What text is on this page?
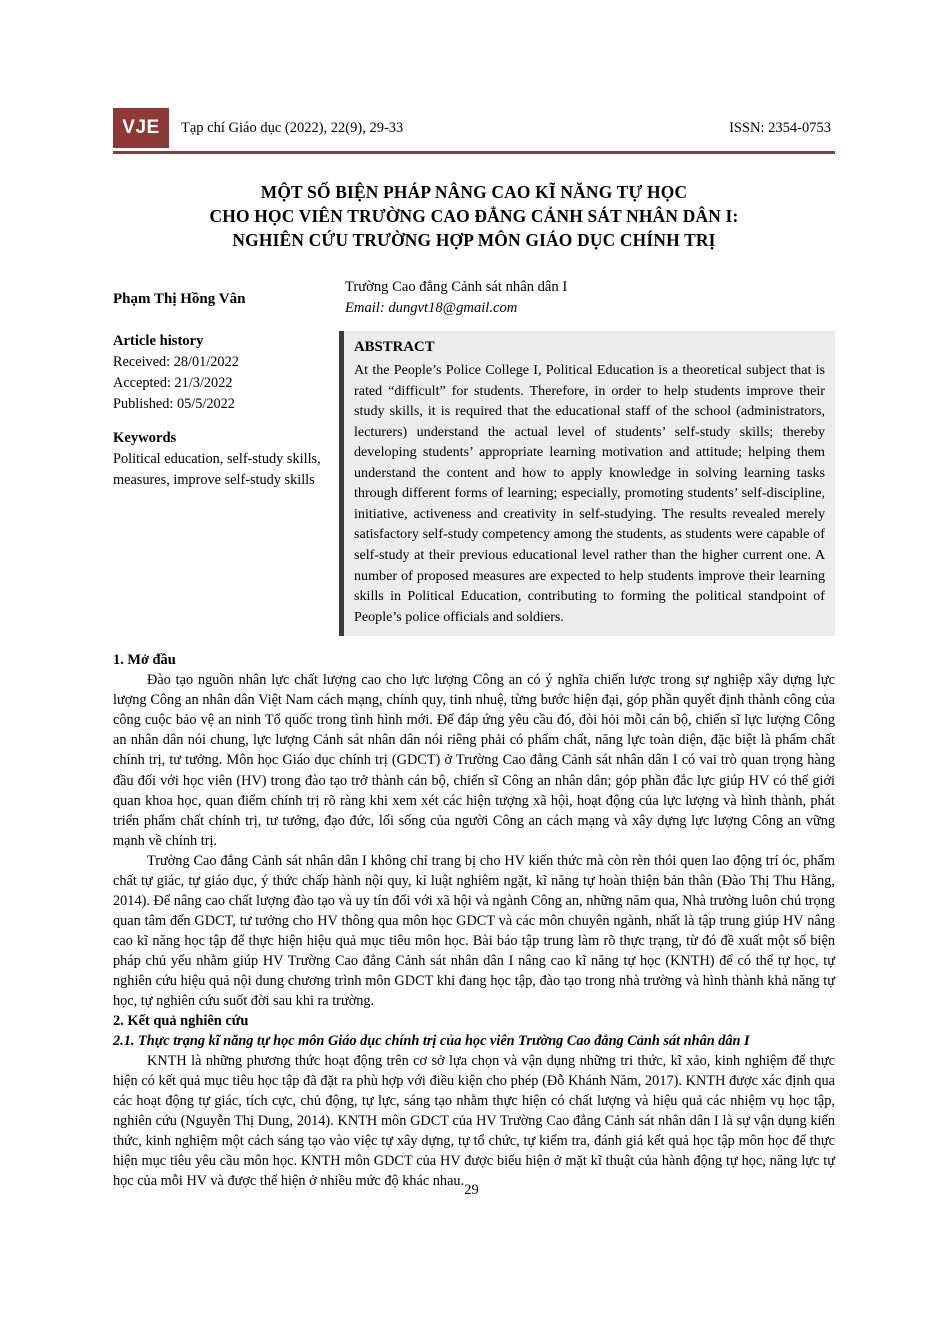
VJE	Tạp chí Giáo dục (2022), 22(9), 29-33	ISSN: 2354-0753
MỘT SỐ BIỆN PHÁP NÂNG CAO KĨ NĂNG TỰ HỌC
CHO HỌC VIÊN TRƯỜNG CAO ĐẲNG CẢNH SÁT NHÂN DÂN I:
NGHIÊN CỨU TRƯỜNG HỢP MÔN GIÁO DỤC CHÍNH TRỊ
Phạm Thị Hồng Vân
Trường Cao đẳng Cảnh sát nhân dân I
Email: dungvt18@gmail.com
Article history
Received: 28/01/2022
Accepted: 21/3/2022
Published: 05/5/2022
Keywords
Political education, self-study skills, measures, improve self-study skills
ABSTRACT
At the People’s Police College I, Political Education is a theoretical subject that is rated “difficult” for students. Therefore, in order to help students improve their study skills, it is required that the educational staff of the school (administrators, lecturers) understand the actual level of students’ self-study skills; thereby developing students’ appropriate learning motivation and attitude; helping them understand the content and how to apply knowledge in solving learning tasks through different forms of learning; especially, promoting students’ self-discipline, initiative, activeness and creativity in self-studying. The results revealed merely satisfactory self-study competency among the students, as students were capable of self-study at their previous educational level rather than the higher current one. A number of proposed measures are expected to help students improve their learning skills in Political Education, contributing to forming the political standpoint of People’s police officials and soldiers.

1. Mở đầu

Đào tạo nguồn nhân lực chất lượng cao cho lực lượng Công an có ý nghĩa chiến lược trong sự nghiệp xây dựng lực lượng Công an nhân dân Việt Nam cách mạng, chính quy, tinh nhuệ, từng bước hiện đại, góp phần quyết định thành công của công cuộc bảo vệ an ninh Tổ quốc trong tình hình mới. Để đáp ứng yêu cầu đó, đòi hỏi mỗi cán bộ, chiến sĩ lực lượng Công an nhân dân nói chung, lực lượng Cảnh sát nhân dân nói riêng phải có phẩm chất, năng lực toàn diện, đặc biệt là phẩm chất chính trị, tư tưởng. Môn học Giáo dục chính trị (GDCT) ở Trường Cao đẳng Cảnh sát nhân dân I có vai trò quan trọng hàng đầu đối với học viên (HV) trong đào tạo trở thành cán bộ, chiến sĩ Công an nhân dân; góp phần đắc lực giúp HV có thế giới quan khoa học, quan điểm chính trị rõ ràng khi xem xét các hiện tượng xã hội, hoạt động của lực lượng và hình thành, phát triển phẩm chất chính trị, tư tưởng, đạo đức, lối sống của người Công an cách mạng và xây dựng lực lượng Công an vững mạnh về chính trị.

Trường Cao đẳng Cảnh sát nhân dân I không chỉ trang bị cho HV kiến thức mà còn rèn thói quen lao động trí óc, phẩm chất tự giác, tự giáo dục, ý thức chấp hành nội quy, kỉ luật nghiêm ngặt, kĩ năng tự hoàn thiện bản thân (Đào Thị Thu Hằng, 2014). Để nâng cao chất lượng đào tạo và uy tín đối với xã hội và ngành Công an, những năm qua, Nhà trường luôn chú trọng quan tâm đến GDCT, tư tưởng cho HV thông qua môn học GDCT và các môn chuyên ngành, nhất là tập trung giúp HV nâng cao kĩ năng học tập để thực hiện hiệu quả mục tiêu môn học. Bài báo tập trung làm rõ thực trạng, từ đó đề xuất một số biện pháp chủ yếu nhằm giúp HV Trường Cao đẳng Cảnh sát nhân dân I nâng cao kĩ năng tự học (KNTH) để có thể tự học, tự nghiên cứu hiệu quả nội dung chương trình môn GDCT khi đang học tập, đào tạo trong nhà trường và hình thành khả năng tự học, tự nghiên cứu suốt đời sau khi ra trường.

2. Kết quả nghiên cứu

2.1. Thực trạng kĩ năng tự học môn Giáo dục chính trị của học viên Trường Cao đẳng Cảnh sát nhân dân I

KNTH là những phương thức hoạt động trên cơ sở lựa chọn và vận dụng những tri thức, kĩ xảo, kinh nghiệm để thực hiện có kết quả mục tiêu học tập đã đặt ra phù hợp với điều kiện cho phép (Đỗ Khánh Năm, 2017). KNTH được xác định qua các hoạt động tự giác, tích cực, chủ động, tự lực, sáng tạo nhằm thực hiện có chất lượng và hiệu quả các nhiệm vụ học tập, nghiên cứu (Nguyễn Thị Dung, 2014). KNTH môn GDCT của HV Trường Cao đẳng Cảnh sát nhân dân I là sự vận dụng kiến thức, kinh nghiệm một cách sáng tạo vào việc tự xây dựng, tự tổ chức, tự kiểm tra, đánh giá kết quả học tập môn học để thực hiện mục tiêu yêu cầu môn học. KNTH môn GDCT của HV được biểu hiện ở mặt kĩ thuật của hành động tự học, năng lực tự học của mỗi HV và được thể hiện ở nhiều mức độ khác nhau.

29
